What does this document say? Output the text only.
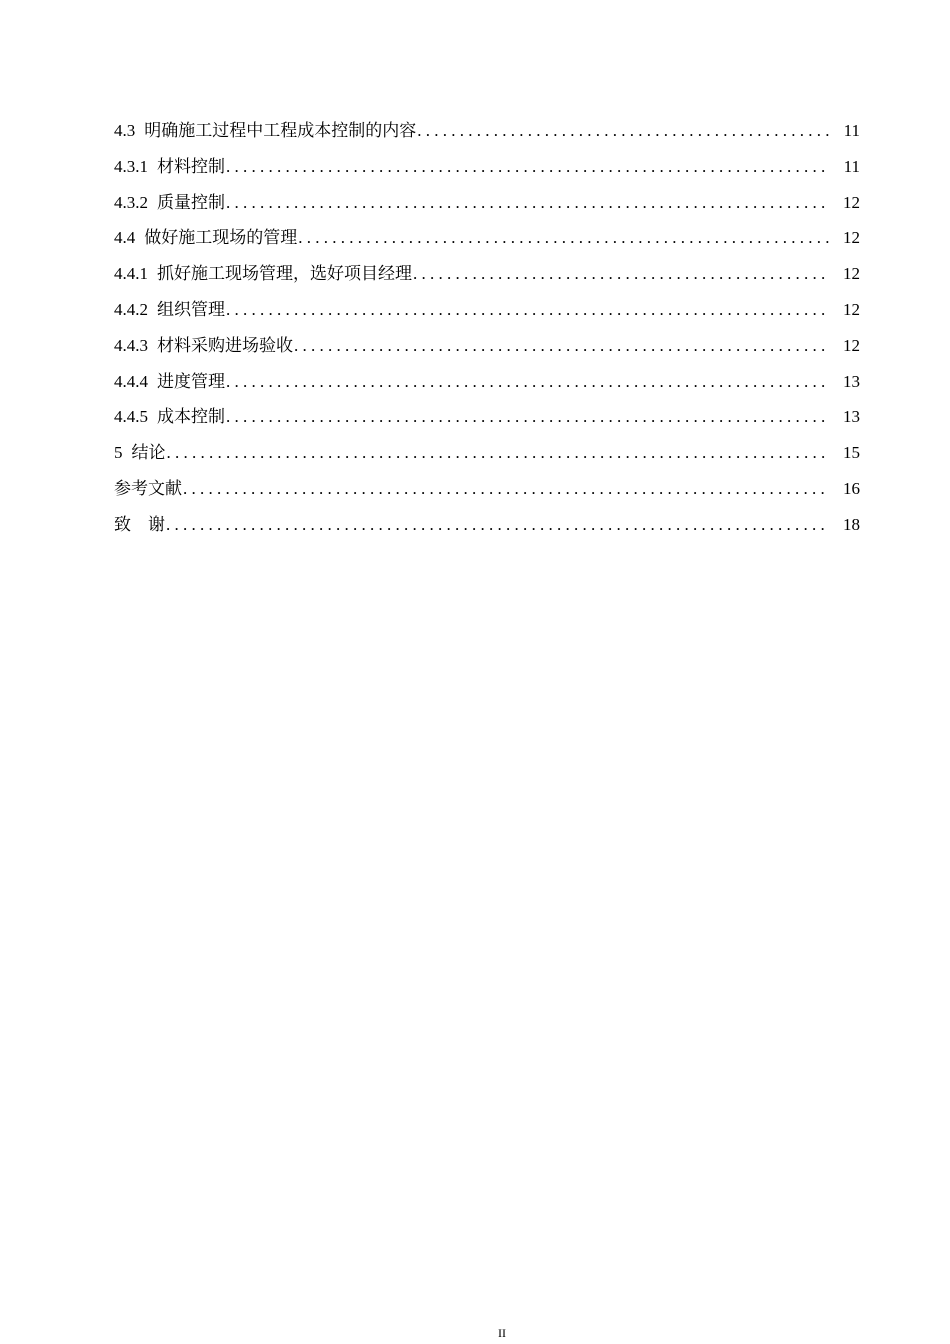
4.3 明确施工过程中工程成本控制的内容 . . .	11
4.3.1 材料控制 . . .	11
4.3.2 质量控制 . . .	12
4.4 做好施工现场的管理 . . .	12
4.4.1 抓好施工现场管理，选好项目经理 . . .	12
4.4.2 组织管理 . . .	12
4.4.3 材料采购进场验收 . . .	12
4.4.4 进度管理 . . .	13
4.4.5 成本控制 . . .	13
5 结论 . . .	15
参考文献 . . .	16
致　谢 . . .	18
II
